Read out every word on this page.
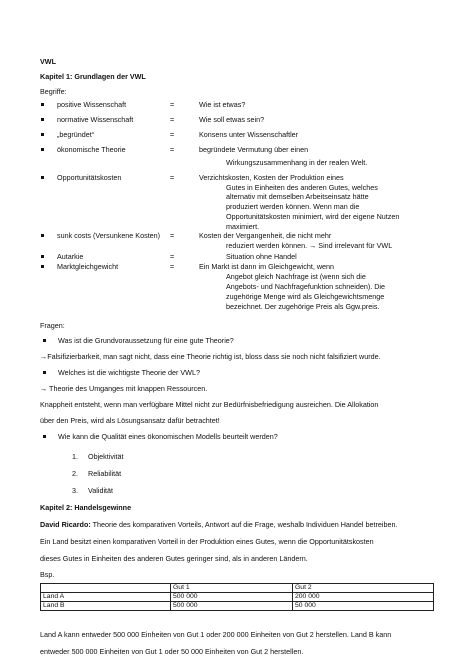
VWL
Kapitel 1: Grundlagen der VWL
Begriffe:
positive Wissenschaft	=	Wie ist etwas?
normative Wissenschaft	=	Wie soll etwas sein?
„begründet“	=	Konsens unter Wissenschaftler
ökonomische Theorie	=	begründete Vermutung über einen
Wirkungszusammenhang in der realen Welt.
Opportunitätskosten	=	Verzichtskosten, Kosten der Produktion eines
Gutes in Einheiten des anderen Gutes, welches
alternativ mit demselben Arbeitseinsatz hätte
produziert werden können. Wenn man die
Opportunitätskosten minimiert, wird der eigene Nutzen
maximiert.
sunk costs (Versunkene Kosten) =	Kosten der Vergangenheit, die nicht mehr
reduziert werden können. → Sind irrelevant für VWL
Autarkie	=	Situation ohne Handel
Marktgleichgewicht	=	Ein Markt ist dann im Gleichgewicht, wenn
Angebot gleich Nachfrage ist (wenn sich die
Angebots- und Nachfragefunktion schneiden). Die
zugehörige Menge wird als Gleichgewichtsmenge
bezeichnet. Der zugehörige Preis als Ggw.preis.
Fragen:
Was ist die Grundvoraussetzung für eine gute Theorie?
→Falsifizierbarkeit, man sagt nicht, dass eine Theorie richtig ist, bloss dass sie noch nicht falsifiziert wurde.
Welches ist die wichtigste Theorie der VWL?
→ Theorie des Umganges mit knappen Ressourcen.
Knappheit entsteht, wenn man verfügbare Mittel nicht zur Bedürfnisbefriedigung ausreichen. Die Allokation
über den Preis, wird als Lösungsansatz dafür betrachtet!
Wie kann die Qualität eines ökonomischen Modells beurteilt werden?
1. Objektivität
2. Reliabilität
3. Validität
Kapitel 2: Handelsgewinne
David Ricardo: Theorie des komparativen Vorteils, Antwort auf die Frage, weshalb Individuen Handel betreiben.
Ein Land besitzt einen komparativen Vorteil in der Produktion eines Gutes, wenn die Opportunitätskosten
dieses Gutes in Einheiten des anderen Gutes geringer sind, als in anderen Ländern.
Bsp.
	Gut 1	Gut 2
Land A	500 000	200 000
Land B	500 000	50 000
Land A kann entweder 500 000 Einheiten von Gut 1 oder 200 000 Einheiten von Gut 2 herstellen. Land B kann
entweder 500 000 Einheiten von Gut 1 oder 50 000 Einheiten von Gut 2 herstellen.
